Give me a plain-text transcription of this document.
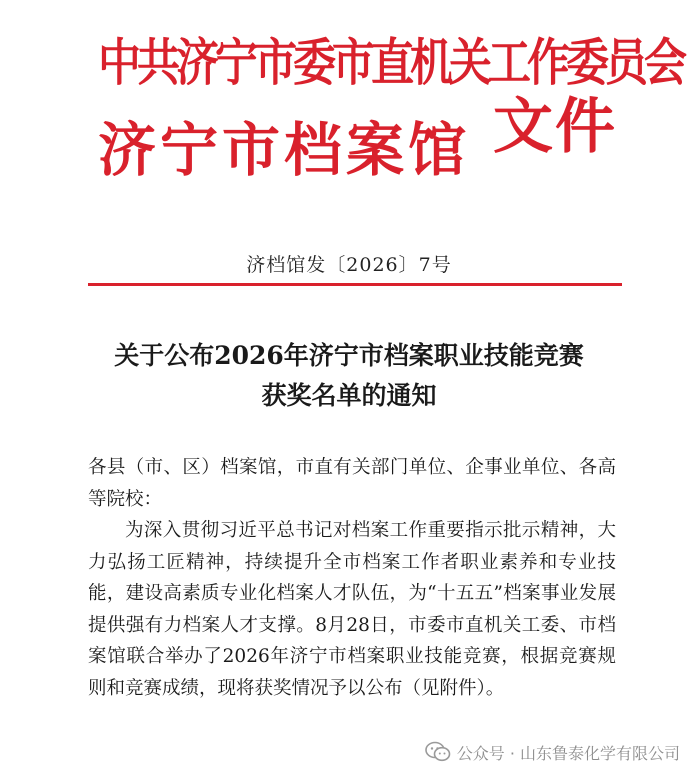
中共济宁市委市直机关工作委员会
济宁市档案馆 文件
济档馆发〔2026〕7号
关于公布2026年济宁市档案职业技能竞赛
获奖名单的通知

各县（市、区）档案馆，市直有关部门单位、企事业单位、各高等院校：

为深入贯彻习近平总书记对档案工作重要指示批示精神，大力弘扬工匠精神，持续提升全市档案工作者职业素养和专业技能，建设高素质专业化档案人才队伍，为“十五五”档案事业发展提供强有力档案人才支撑。8月28日，市委市直机关工委、市档案馆联合举办了2026年济宁市档案职业技能竞赛，根据竞赛规则和竞赛成绩，现将获奖情况予以公布（见附件）。

公众号 · 山东鲁泰化学有限公司
